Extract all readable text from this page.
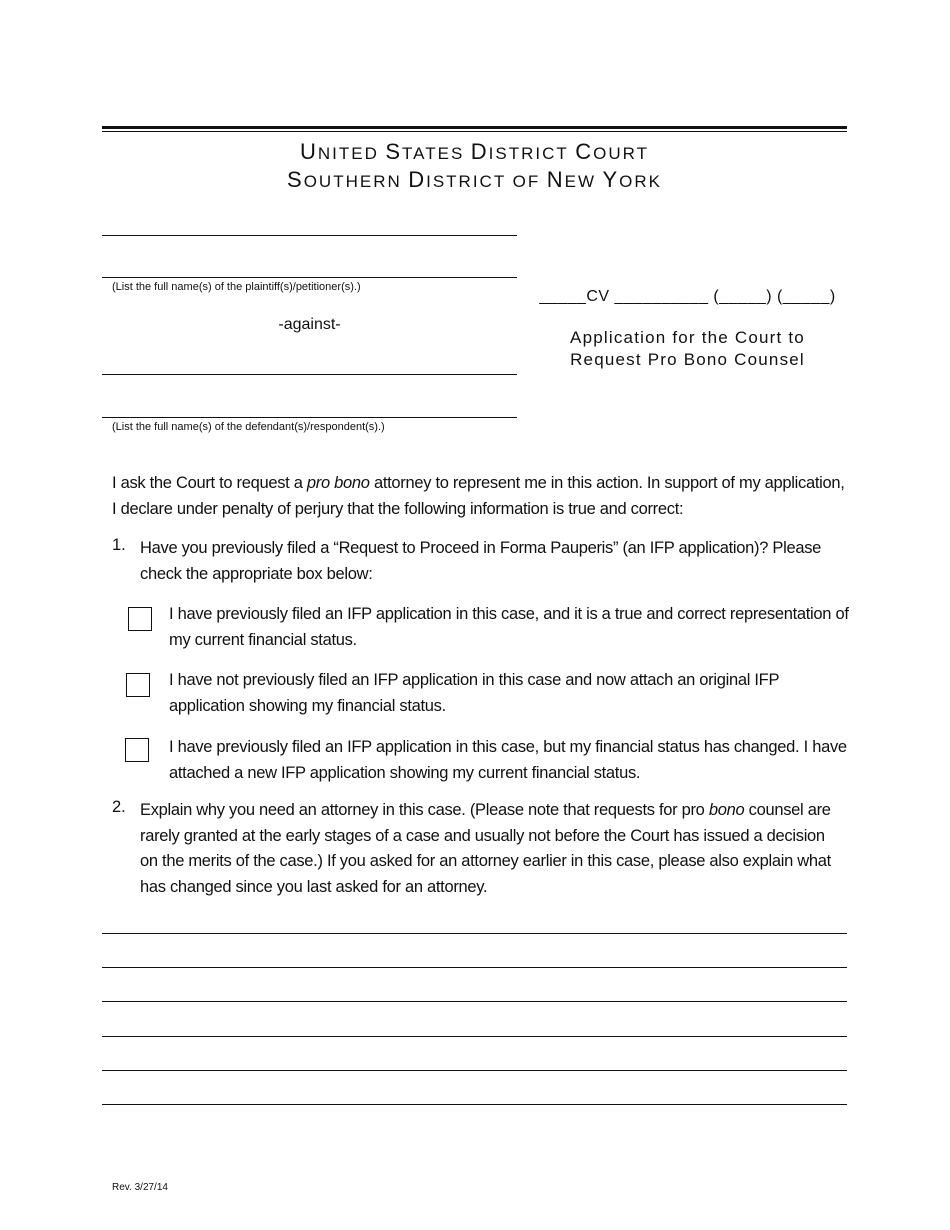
UNITED STATES DISTRICT COURT
SOUTHERN DISTRICT OF NEW YORK
(List the full name(s) of the plaintiff(s)/petitioner(s).)
-against-
(List the full name(s) of the defendant(s)/respondent(s).)
_____CV __________ (_____) (_____)
Application for the Court to
Request Pro Bono Counsel
I ask the Court to request a pro bono attorney to represent me in this action. In support of my application, I declare under penalty of perjury that the following information is true and correct:
1. Have you previously filed a “Request to Proceed in Forma Pauperis” (an IFP application)? Please check the appropriate box below:
I have previously filed an IFP application in this case, and it is a true and correct representation of my current financial status.
I have not previously filed an IFP application in this case and now attach an original IFP application showing my financial status.
I have previously filed an IFP application in this case, but my financial status has changed. I have attached a new IFP application showing my current financial status.
2. Explain why you need an attorney in this case. (Please note that requests for pro bono counsel are rarely granted at the early stages of a case and usually not before the Court has issued a decision on the merits of the case.) If you asked for an attorney earlier in this case, please also explain what has changed since you last asked for an attorney.
Rev. 3/27/14
